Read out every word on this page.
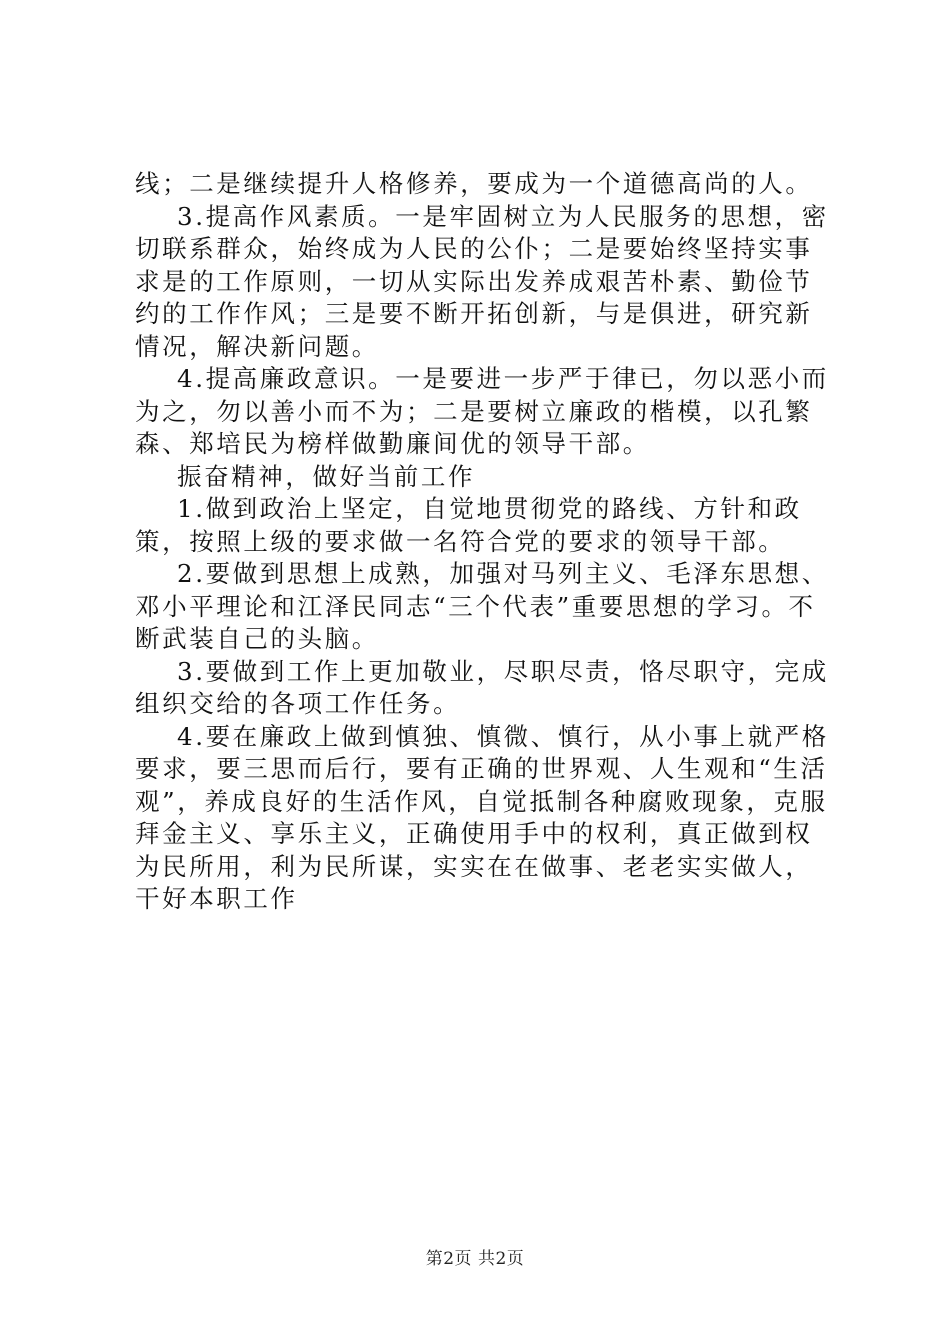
线；二是继续提升人格修养，要成为一个道德高尚的人。

3.提高作风素质。一是牢固树立为人民服务的思想，密切联系群众，始终成为人民的公仆；二是要始终坚持实事求是的工作原则，一切从实际出发养成艰苦朴素、勤俭节约的工作作风；三是要不断开拓创新，与是俱进，研究新情况，解决新问题。

4.提高廉政意识。一是要进一步严于律已，勿以恶小而为之，勿以善小而不为；二是要树立廉政的楷模，以孔繁森、郑培民为榜样做勤廉间优的领导干部。

振奋精神，做好当前工作

1.做到政治上坚定，自觉地贯彻党的路线、方针和政策，按照上级的要求做一名符合党的要求的领导干部。

2.要做到思想上成熟，加强对马列主义、毛泽东思想、邓小平理论和江泽民同志“三个代表”重要思想的学习。不断武装自己的头脑。

3.要做到工作上更加敬业，尽职尽责，恪尽职守，完成组织交给的各项工作任务。

4.要在廉政上做到慎独、慎微、慎行，从小事上就严格要求，要三思而后行，要有正确的世界观、人生观和“生活观”，养成良好的生活作风，自觉抵制各种腐败现象，克服拜金主义、享乐主义，正确使用手中的权利，真正做到权为民所用，利为民所谋，实实在在做事、老老实实做人，干好本职工作

第2页 共2页
